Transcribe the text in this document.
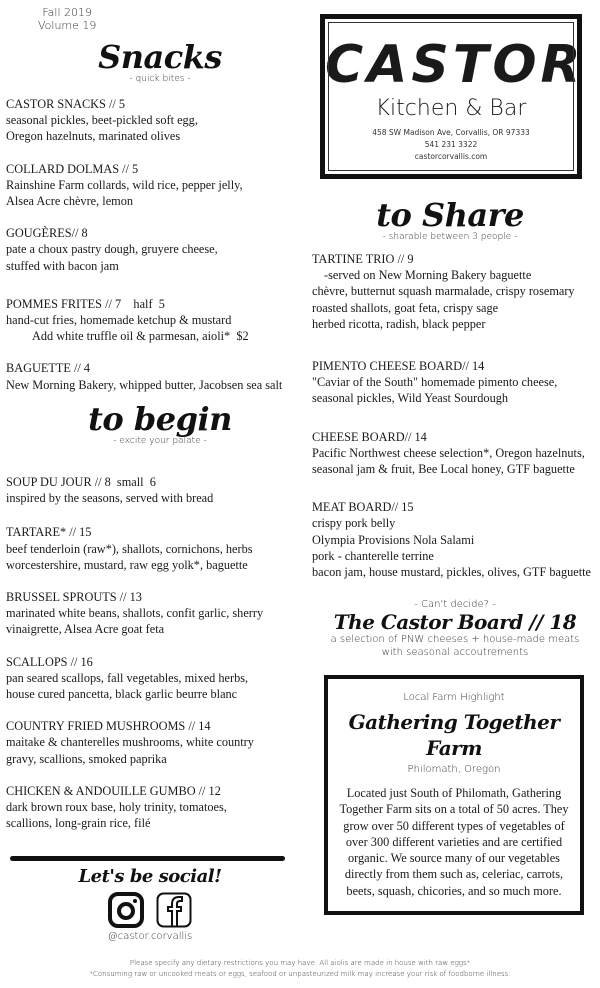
Fall 2019
Volume 19
Snacks
- quick bites -
CASTOR SNACKS // 5
seasonal pickles, beet-pickled soft egg,
Oregon hazelnuts, marinated olives
COLLARD DOLMAS // 5
Rainshine Farm collards, wild rice, pepper jelly,
Alsea Acre chèvre, lemon
GOUGÈRES// 8
pate a choux pastry dough, gruyere cheese,
stuffed with bacon jam
POMMES FRITES // 7    half  5
hand-cut fries, homemade ketchup & mustard
Add white truffle oil & parmesan, aioli*  $2
BAGUETTE // 4
New Morning Bakery, whipped butter, Jacobsen sea salt
to begin
- excite your palate -
SOUP DU JOUR // 8  small  6
inspired by the seasons, served with bread
TARTARE* // 15
beef tenderloin (raw*), shallots, cornichons, herbs
worcestershire, mustard, raw egg yolk*, baguette
BRUSSEL SPROUTS // 13
marinated white beans, shallots, confit garlic, sherry
vinaigrette, Alsea Acre goat feta
SCALLOPS // 16
pan seared scallops, fall vegetables, mixed herbs,
house cured pancetta, black garlic beurre blanc
COUNTRY FRIED MUSHROOMS // 14
maitake & chanterelles mushrooms, white country
gravy, scallions, smoked paprika
CHICKEN & ANDOUILLE GUMBO // 12
dark brown roux base, holy trinity, tomatoes,
scallions, long-grain rice, filé
Let's be social!
@castor.corvallis
CASTOR
Kitchen & Bar
458 SW Madison Ave, Corvallis, OR 97333
541 231 3322
castorcorvallis.com
to Share
- sharable between 3 people -
TARTINE TRIO // 9
-served on New Morning Bakery baguette
chèvre, butternut squash marmalade, crispy rosemary
roasted shallots, goat feta, crispy sage
herbed ricotta, radish, black pepper
PIMENTO CHEESE BOARD// 14
"Caviar of the South" homemade pimento cheese,
seasonal pickles, Wild Yeast Sourdough
CHEESE BOARD// 14
Pacific Northwest cheese selection*, Oregon hazelnuts,
seasonal jam & fruit, Bee Local honey, GTF baguette
MEAT BOARD// 15
crispy pork belly
Olympia Provisions Nola Salami
pork - chanterelle terrine
bacon jam, house mustard, pickles, olives, GTF baguette
- Can't decide? -
The Castor Board // 18
a selection of PNW cheeses + house-made meats
with seasonal accoutrements
Local Farm Highlight
Gathering Together Farm
Philomath, Oregon
Located just South of Philomath, Gathering Together Farm sits on a total of 50 acres. They grow over 50 different types of vegetables of over 300 different varieties and are certified organic. We source many of our vegetables directly from them such as, celeriac, carrots, beets, squash, chicories, and so much more.
Please specify any dietary restrictions you may have. All aiolis are made in house with raw eggs*
*Consuming raw or uncooked meats or eggs, seafood or unpasteurized milk may increase your risk of foodborne illness.
